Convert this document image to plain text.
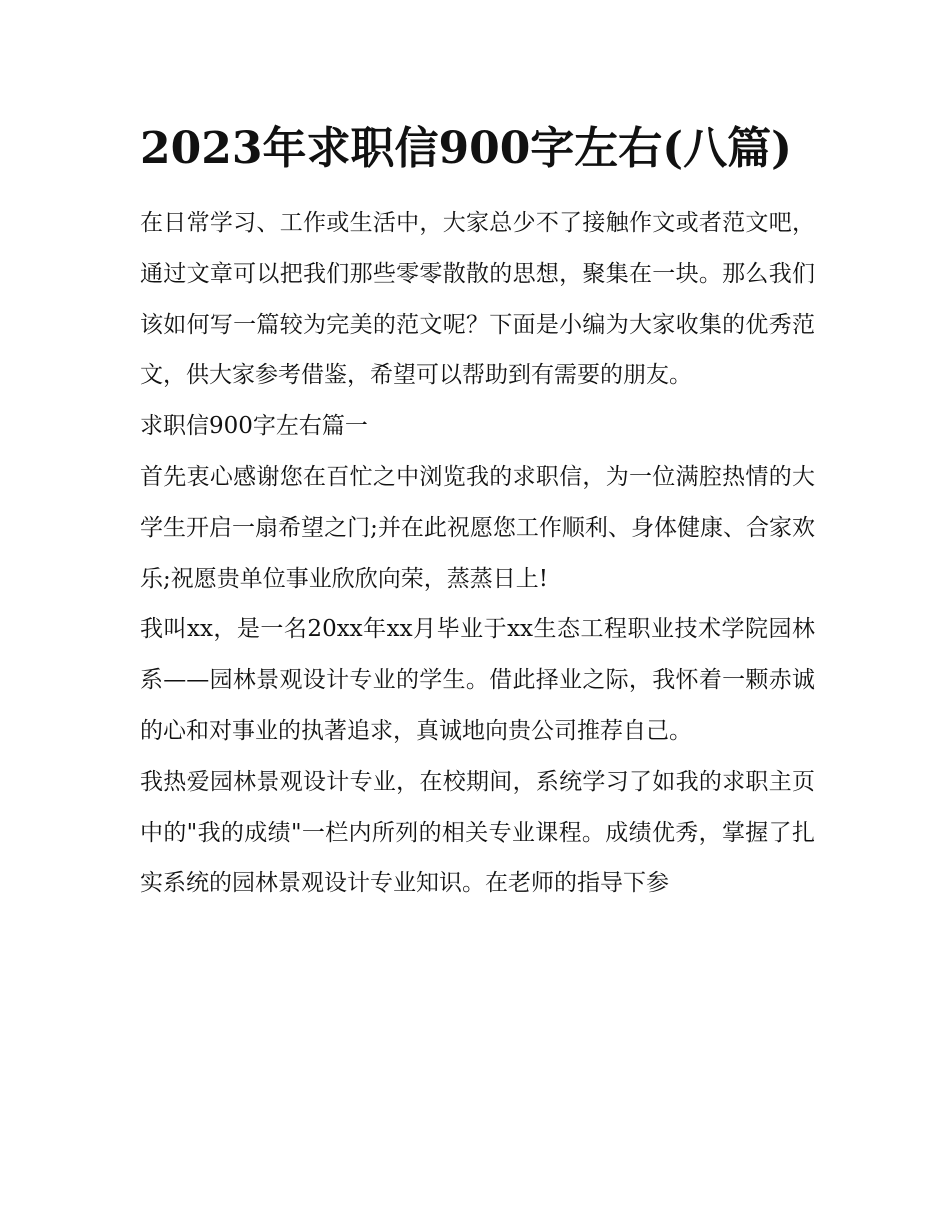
2023年求职信900字左右(八篇)

在日常学习、工作或生活中，大家总少不了接触作文或者范文吧，通过文章可以把我们那些零零散散的思想，聚集在一块。那么我们该如何写一篇较为完美的范文呢？下面是小编为大家收集的优秀范文，供大家参考借鉴，希望可以帮助到有需要的朋友。

求职信900字左右篇一

首先衷心感谢您在百忙之中浏览我的求职信，为一位满腔热情的大学生开启一扇希望之门;并在此祝愿您工作顺利、身体健康、合家欢乐;祝愿贵单位事业欣欣向荣，蒸蒸日上!

我叫xx，是一名20xx年xx月毕业于xx生态工程职业技术学院园林系——园林景观设计专业的学生。借此择业之际，我怀着一颗赤诚的心和对事业的执著追求，真诚地向贵公司推荐自己。

我热爱园林景观设计专业，在校期间，系统学习了如我的求职主页中的"我的成绩"一栏内所列的相关专业课程。成绩优秀，掌握了扎实系统的园林景观设计专业知识。在老师的指导下参
